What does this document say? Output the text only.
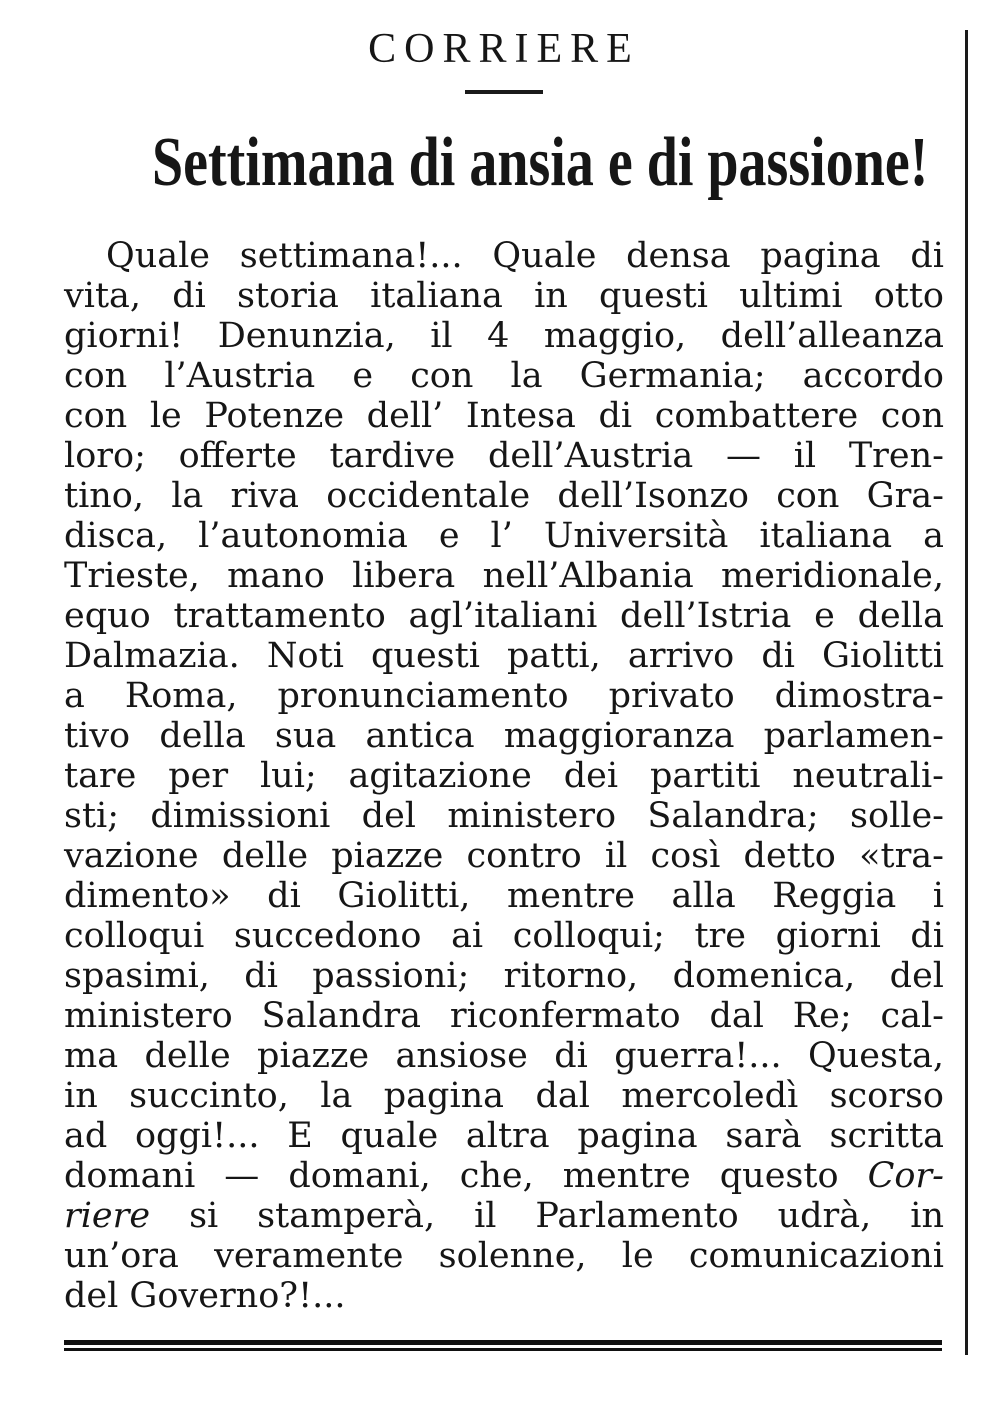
CORRIERE
Settimana di ansia e di passione!
Quale settimana!... Quale densa pagina di
vita, di storia italiana in questi ultimi otto
giorni! Denunzia, il 4 maggio, dell’alleanza
con l’Austria e con la Germania; accordo
con le Potenze dell’ Intesa di combattere con
loro; offerte tardive dell’Austria — il Tren-
tino, la riva occidentale dell’Isonzo con Gra-
disca, l’autonomia e l’ Università italiana a
Trieste, mano libera nell’Albania meridionale,
equo trattamento agl’italiani dell’Istria e della
Dalmazia. Noti questi patti, arrivo di Giolitti
a Roma, pronunciamento privato dimostra-
tivo della sua antica maggioranza parlamen-
tare per lui; agitazione dei partiti neutrali-
sti; dimissioni del ministero Salandra; solle-
vazione delle piazze contro il così detto «tra-
dimento» di Giolitti, mentre alla Reggia i
colloqui succedono ai colloqui; tre giorni di
spasimi, di passioni; ritorno, domenica, del
ministero Salandra riconfermato dal Re; cal-
ma delle piazze ansiose di guerra!... Questa,
in succinto, la pagina dal mercoledì scorso
ad oggi!... E quale altra pagina sarà scritta
domani — domani, che, mentre questo Cor-
riere si stamperà, il Parlamento udrà, in
un’ora veramente solenne, le comunicazioni
del Governo?!...
